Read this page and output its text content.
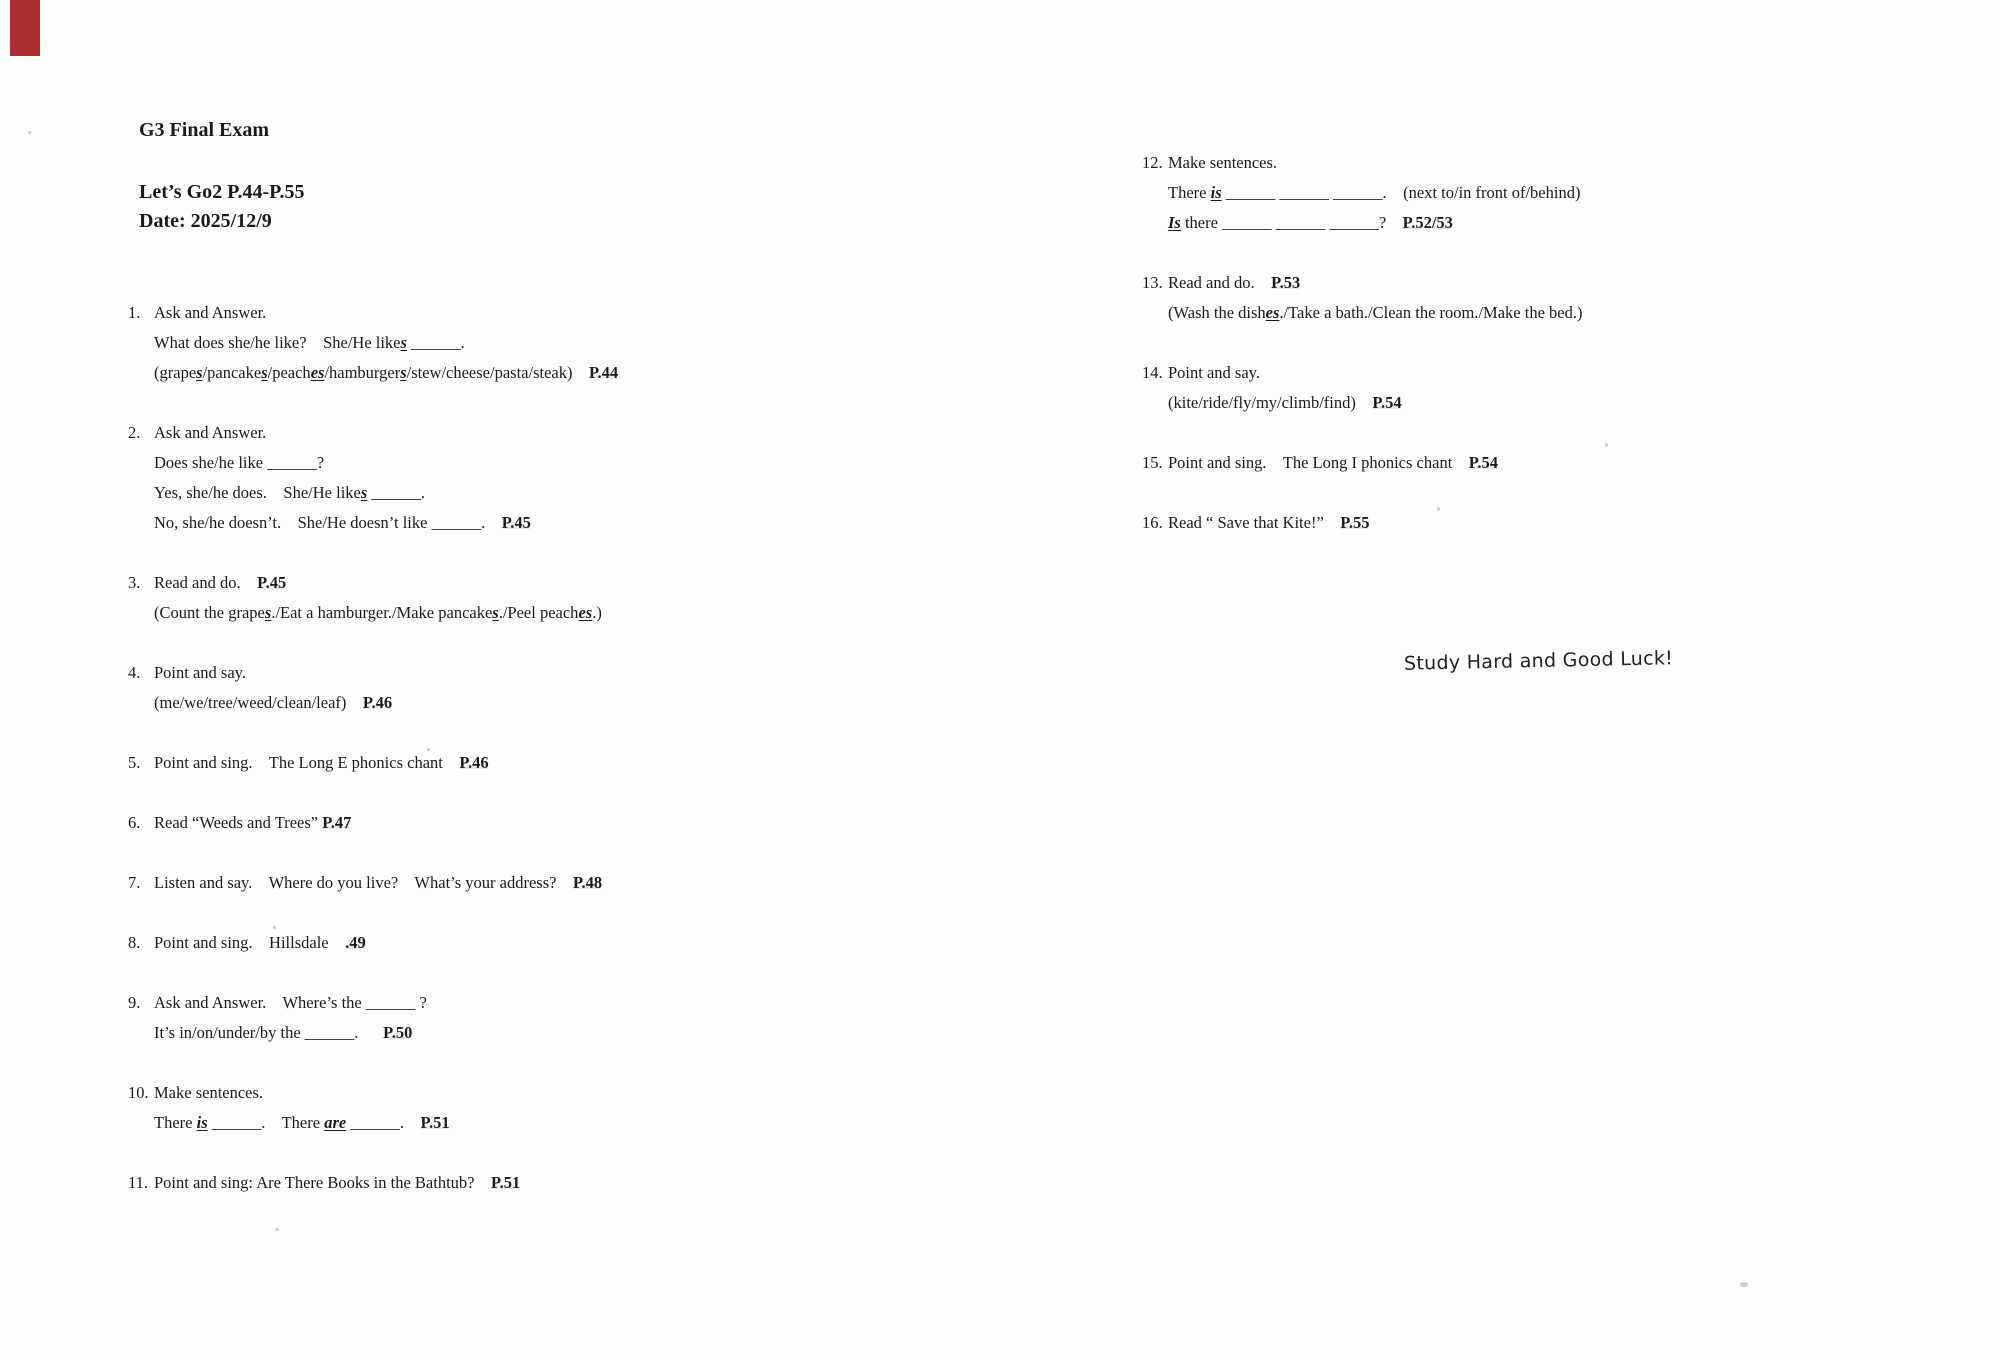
G3 Final Exam
Let’s Go2 P.44-P.55
Date: 2025/12/9
1. Ask and Answer.
What does she/he like?    She/He likes ______.
(grapes/pancakes/peaches/hamburgers/stew/cheese/pasta/steak)    P.44
2. Ask and Answer.
Does she/he like ______?
Yes, she/he does.    She/He likes ______.
No, she/he doesn’t.    She/He doesn’t like ______.    P.45
3. Read and do.    P.45
(Count the grapes./Eat a hamburger./Make pancakes./Peel peaches.)
4. Point and say.
(me/we/tree/weed/clean/leaf)    P.46
5. Point and sing.    The Long E phonics chant    P.46
6. Read “Weeds and Trees” P.47
7. Listen and say.    Where do you live?    What’s your address?    P.48
8. Point and sing.    Hillsdale    .49
9. Ask and Answer.    Where’s the ______ ?
It’s in/on/under/by the ______.      P.50
10. Make sentences.
There is ______.    There are ______.    P.51
11. Point and sing: Are There Books in the Bathtub?    P.51
12. Make sentences.
There is ______ ______ ______.    (next to/in front of/behind)
Is there ______ ______ ______?    P.52/53
13. Read and do.    P.53
(Wash the dishes./Take a bath./Clean the room./Make the bed.)
14. Point and say.
(kite/ride/fly/my/climb/find)    P.54
15. Point and sing.    The Long I phonics chant    P.54
16. Read “ Save that Kite!”    P.55
Study Hard and Good Luck!
